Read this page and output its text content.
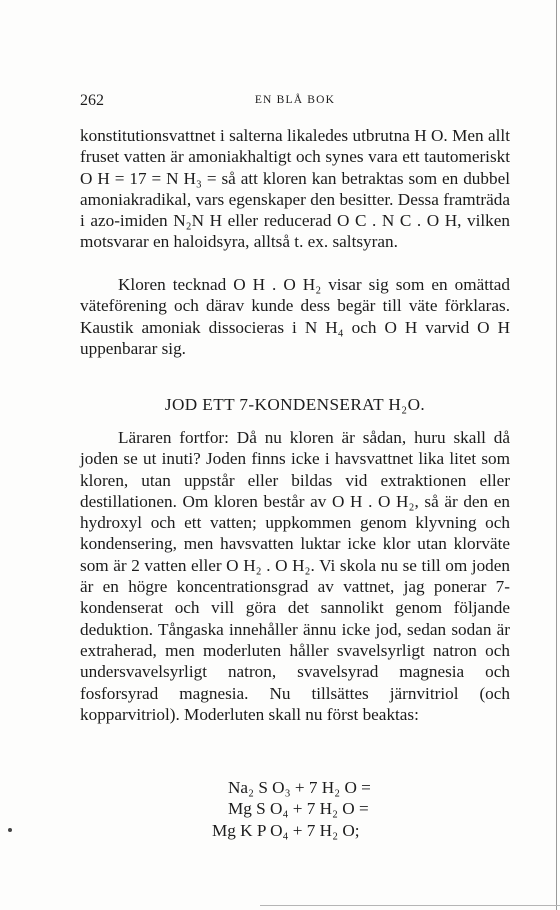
262	EN BLÅ BOK

konstitutionsvattnet i salterna likaledes utbrutna H O. Men allt fruset vatten är amoniakhaltigt och synes vara ett tautomeriskt O H = 17 = N H₃ = så att kloren kan betraktas som en dubbel amoniakradikal, vars egenskaper den besitter. Dessa framträda i azo-imiden N₂N H eller reducerad O C . N C . O H, vilken motsvarar en haloidsyra, alltså t. ex. saltsyran.

Kloren tecknad O H . O H₂ visar sig som en omättad väteförening och därav kunde dess begär till väte förklaras. Kaustik amoniak dissocieras i N H₄ och O H varvid O H uppenbarar sig.

JOD ETT 7-KONDENSERAT H₂O.

Läraren fortfor: Då nu kloren är sådan, huru skall då joden se ut inuti? Joden finns icke i havsvattnet lika litet som kloren, utan uppstår eller bildas vid extraktionen eller destillationen. Om kloren består av O H . O H₂, så är den en hydroxyl och ett vatten; uppkommen genom klyvning och kondensering, men havsvatten luktar icke klor utan klorväte som är 2 vatten eller O H₂ . O H₂. Vi skola nu se till om joden är en högre koncentrationsgrad av vattnet, jag ponerar 7-kondenserat och vill göra det sannolikt genom följande deduktion. Tångaska innehåller ännu icke jod, sedan sodan är extraherad, men moderluten håller svavelsyrligt natron och undersvavelsyrligt natron, svavelsyrad magnesia och fosforsyrad magnesia. Nu tillsättes järnvitriol (och kopparvitriol). Moderluten skall nu först beaktas:

Na₂ S O₃ + 7 H₂ O =
Mg S O₄ + 7 H₂ O =
Mg K P O₄ + 7 H₂ O;
